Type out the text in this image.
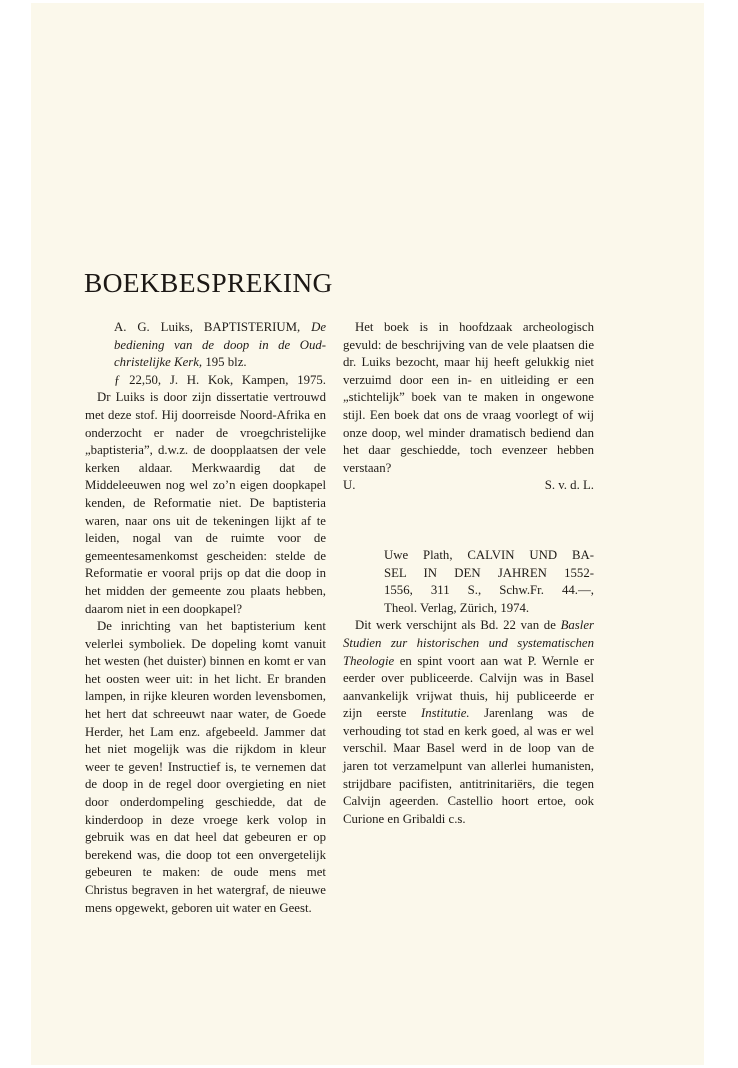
BOEKBESPREKING
A. G. Luiks, BAPTISTERIUM, De bediening van de doop in de Oud-christelijke Kerk, 195 blz.
ƒ 22,50, J. H. Kok, Kampen, 1975.

Dr Luiks is door zijn dissertatie vertrouwd met deze stof. Hij doorreisde Noord-Afrika en onderzocht er nader de vroegchristelijke „baptisteria”, d.w.z. de doopplaatsen der vele kerken aldaar. Merkwaardig dat de Middeleeuwen nog wel zo’n eigen doopkapel kenden, de Reformatie niet. De baptisteria waren, naar ons uit de tekeningen lijkt af te leiden, nogal van de ruimte voor de gemeentesamenkomst gescheiden: stelde de Reformatie er vooral prijs op dat die doop in het midden der gemeente zou plaats hebben, daarom niet in een doopkapel?

De inrichting van het baptisterium kent velerlei symboliek. De dopeling komt vanuit het westen (het duister) binnen en komt er van het oosten weer uit: in het licht. Er branden lampen, in rijke kleuren worden levensbomen, het hert dat schreeuwt naar water, de Goede Herder, het Lam enz. afgebeeld. Jammer dat het niet mogelijk was die rijkdom in kleur weer te geven! Instructief is, te vernemen dat de doop in de regel door overgieting en niet door onderdompeling geschiedde, dat de kinderdoop in deze vroege kerk volop in gebruik was en dat heel dat gebeuren er op berekend was, die doop tot een onvergetelijk gebeuren te maken: de oude mens met Christus begraven in het watergraf, de nieuwe mens opgewekt, geboren uit water en Geest.

Het boek is in hoofdzaak archeologisch gevuld: de beschrijving van de vele plaatsen die dr. Luiks bezocht, maar hij heeft gelukkig niet verzuimd door een in- en uitleiding er een „stichtelijk” boek van te maken in ongewone stijl. Een boek dat ons de vraag voorlegt of wij onze doop, wel minder dramatisch bediend dan het daar geschiedde, toch evenzeer hebben verstaan?

U.	S. v. d. L.
Uwe Plath, CALVIN UND BA-
SEL IN DEN JAHREN 1552-
1556, 311 S., Schw.Fr. 44.—,
Theol. Verlag, Zürich, 1974.

Dit werk verschijnt als Bd. 22 van de Basler Studien zur historischen und systematischen Theologie en spint voort aan wat P. Wernle er eerder over publiceerde. Calvijn was in Basel aanvankelijk vrijwat thuis, hij publiceerde er zijn eerste Institutie. Jarenlang was de verhouding tot stad en kerk goed, al was er wel verschil. Maar Basel werd in de loop van de jaren tot verzamelpunt van allerlei humanisten, strijdbare pacifisten, antitrinitariërs, die tegen Calvijn ageerden. Castellio hoort ertoe, ook Curione en Gribaldi c.s.
